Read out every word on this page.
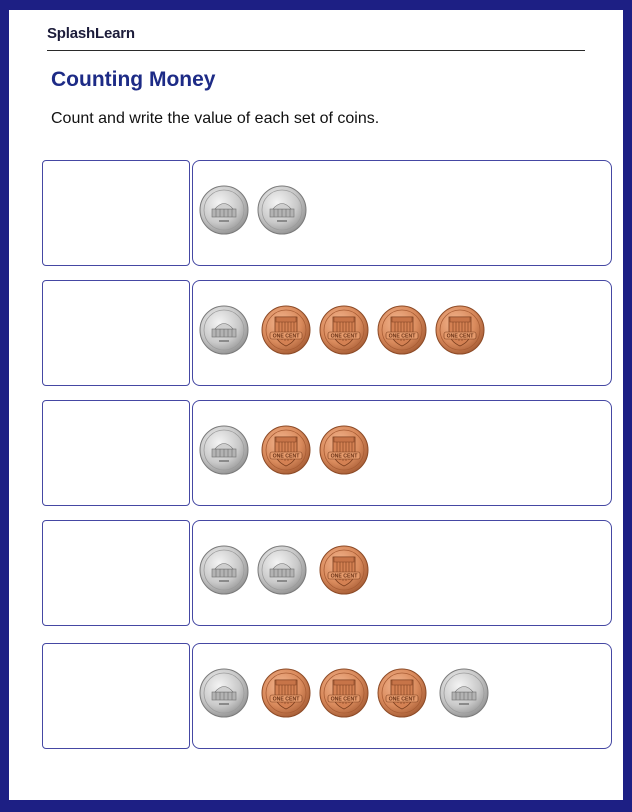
SplashLearn
Counting Money
Count and write the value of each set of coins.
ONE CENT	ONE CENT	ONE CENT	ONE CENT
ONE CENT	ONE CENT
ONE CENT
ONE CENT	ONE CENT	ONE CENT
